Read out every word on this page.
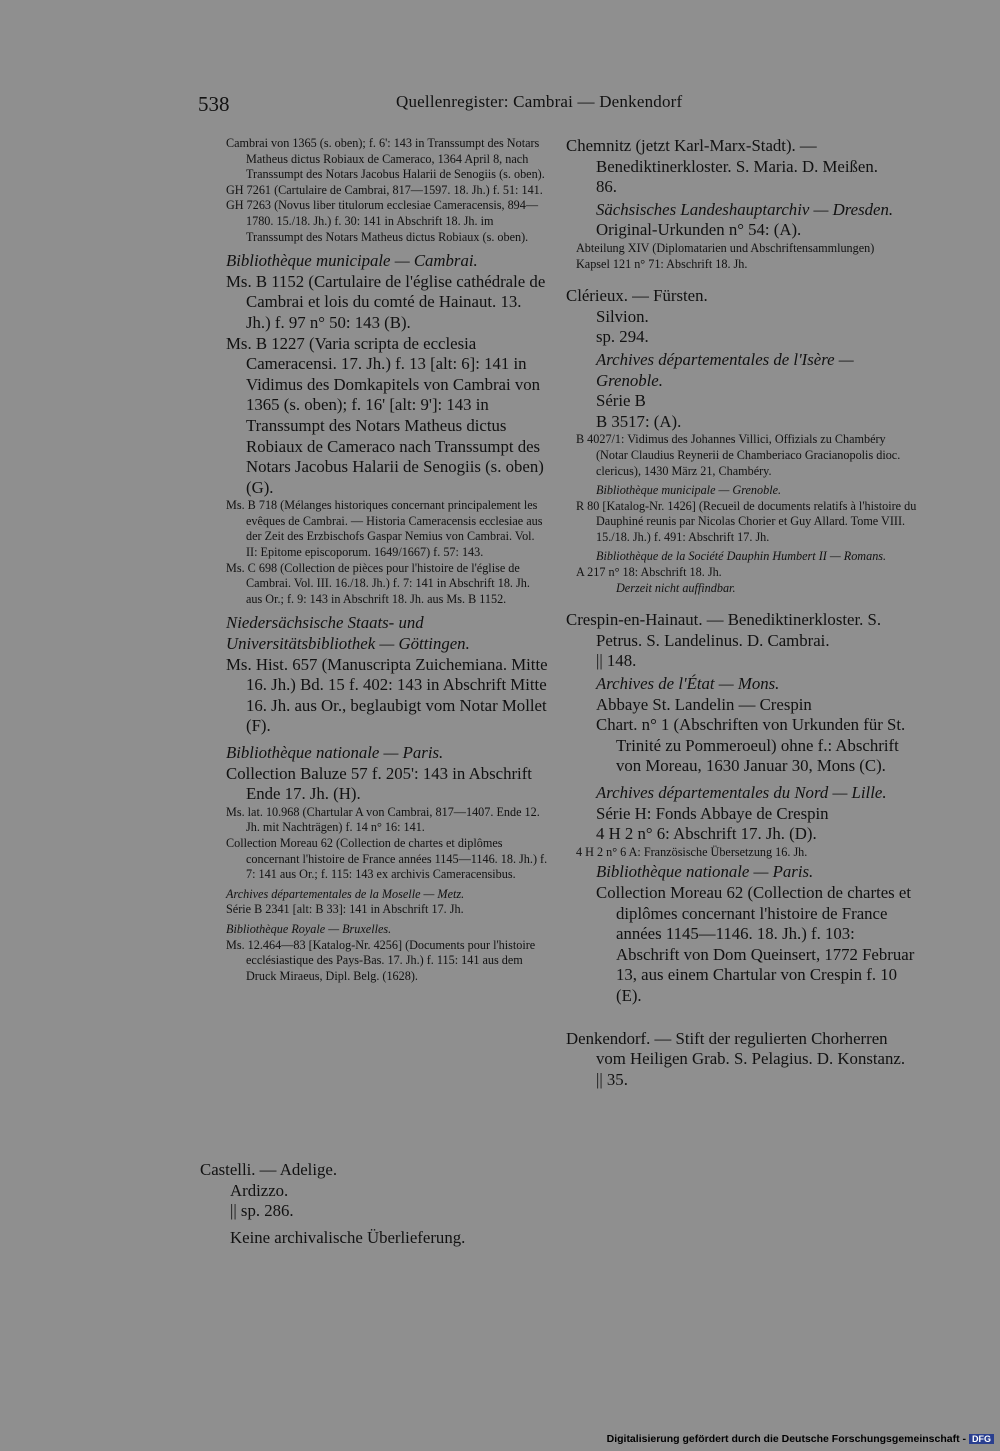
538	Quellenregister: Cambrai — Denkendorf

Cambrai von 1365 (s. oben); f. 6': 143 in Transsumpt des Notars Matheus dictus Robiaux de Cameraco, 1364 April 8, nach Transsumpt des Notars Jacobus Halarii de Senogiis (s. oben).

GH 7261 (Cartulaire de Cambrai, 817—1597. 18. Jh.) f. 51: 141.

GH 7263 (Novus liber titulorum ecclesiae Cameracensis, 894—1780. 15./18. Jh.) f. 30: 141 in Abschrift 18. Jh. im Transsumpt des Notars Matheus dictus Robiaux (s. oben).

Bibliothèque municipale — Cambrai.

Ms. B 1152 (Cartulaire de l'église cathédrale de Cambrai et lois du comté de Hainaut. 13. Jh.) f. 97 n° 50: 143 (B).

Ms. B 1227 (Varia scripta de ecclesia Cameracensi. 17. Jh.) f. 13 [alt: 6]: 141 in Vidimus des Domkapitels von Cambrai von 1365 (s. oben); f. 16' [alt: 9']: 143 in Transsumpt des Notars Matheus dictus Robiaux de Cameraco nach Transsumpt des Notars Jacobus Halarii de Senogiis (s. oben) (G).

Ms. B 718 (Mélanges historiques concernant principalement les evêques de Cambrai. — Historia Cameracensis ecclesiae aus der Zeit des Erzbischofs Gaspar Nemius von Cambrai. Vol. II: Epitome episcoporum. 1649/1667) f. 57: 143.

Ms. C 698 (Collection de pièces pour l'histoire de l'église de Cambrai. Vol. III. 16./18. Jh.) f. 7: 141 in Abschrift 18. Jh. aus Or.; f. 9: 143 in Abschrift 18. Jh. aus Ms. B 1152.

Niedersächsische Staats- und Universitätsbibliothek — Göttingen.

Ms. Hist. 657 (Manuscripta Zuichemiana. Mitte 16. Jh.) Bd. 15 f. 402: 143 in Abschrift Mitte 16. Jh. aus Or., beglaubigt vom Notar Mollet (F).

Bibliothèque nationale — Paris.

Collection Baluze 57 f. 205': 143 in Abschrift Ende 17. Jh. (H).

Ms. lat. 10.968 (Chartular A von Cambrai, 817—1407. Ende 12. Jh. mit Nachträgen) f. 14 n° 16: 141.

Collection Moreau 62 (Collection de chartes et diplômes concernant l'histoire de France années 1145—1146. 18. Jh.) f. 7: 141 aus Or.; f. 115: 143 ex archivis Cameracensibus.

Archives départementales de la Moselle — Metz.

Série B 2341 [alt: B 33]: 141 in Abschrift 17. Jh.

Bibliothèque Royale — Bruxelles.

Ms. 12.464—83 [Katalog-Nr. 4256] (Documents pour l'histoire ecclésiastique des Pays-Bas. 17. Jh.) f. 115: 141 aus dem Druck Miraeus, Dipl. Belg. (1628).

Castelli. — Adelige.

Ardizzo.

|| sp. 286.

Keine archivalische Überlieferung.

Chemnitz (jetzt Karl-Marx-Stadt). — Benediktinerkloster. S. Maria. D. Meißen.

86.

Sächsisches Landeshauptarchiv — Dresden.

Original-Urkunden n° 54: (A).

Abteilung XIV (Diplomatarien und Abschriftensammlungen)

Kapsel 121 n° 71: Abschrift 18. Jh.

Clérieux. — Fürsten.

Silvion.

sp. 294.

Archives départementales de l'Isère — Grenoble.

Série B

B 3517: (A).

B 4027/1: Vidimus des Johannes Villici, Offizials zu Chambéry (Notar Claudius Reynerii de Chamberiaco Gracianopolis dioc. clericus), 1430 März 21, Chambéry.

Bibliothèque municipale — Grenoble.

R 80 [Katalog-Nr. 1426] (Recueil de documents relatifs à l'histoire du Dauphiné reunis par Nicolas Chorier et Guy Allard. Tome VIII. 15./18. Jh.) f. 491: Abschrift 17. Jh.

Bibliothèque de la Société Dauphin Humbert II — Romans.

A 217 n° 18: Abschrift 18. Jh.

Derzeit nicht auffindbar.

Crespin-en-Hainaut. — Benediktinerkloster. S. Petrus. S. Landelinus. D. Cambrai.

|| 148.

Archives de l'État — Mons.

Abbaye St. Landelin — Crespin

Chart. n° 1 (Abschriften von Urkunden für St. Trinité zu Pommeroeul) ohne f.: Abschrift von Moreau, 1630 Januar 30, Mons (C).

Archives départementales du Nord — Lille.

Série H: Fonds Abbaye de Crespin

4 H 2 n° 6: Abschrift 17. Jh. (D).

4 H 2 n° 6 A: Französische Übersetzung 16. Jh.

Bibliothèque nationale — Paris.

Collection Moreau 62 (Collection de chartes et diplômes concernant l'histoire de France années 1145—1146. 18. Jh.) f. 103: Abschrift von Dom Queinsert, 1772 Februar 13, aus einem Chartular von Crespin f. 10 (E).

Denkendorf. — Stift der regulierten Chorherren vom Heiligen Grab. S. Pelagius. D. Konstanz.

|| 35.

Digitalisierung gefördert durch die Deutsche Forschungsgemeinschaft - DFG
